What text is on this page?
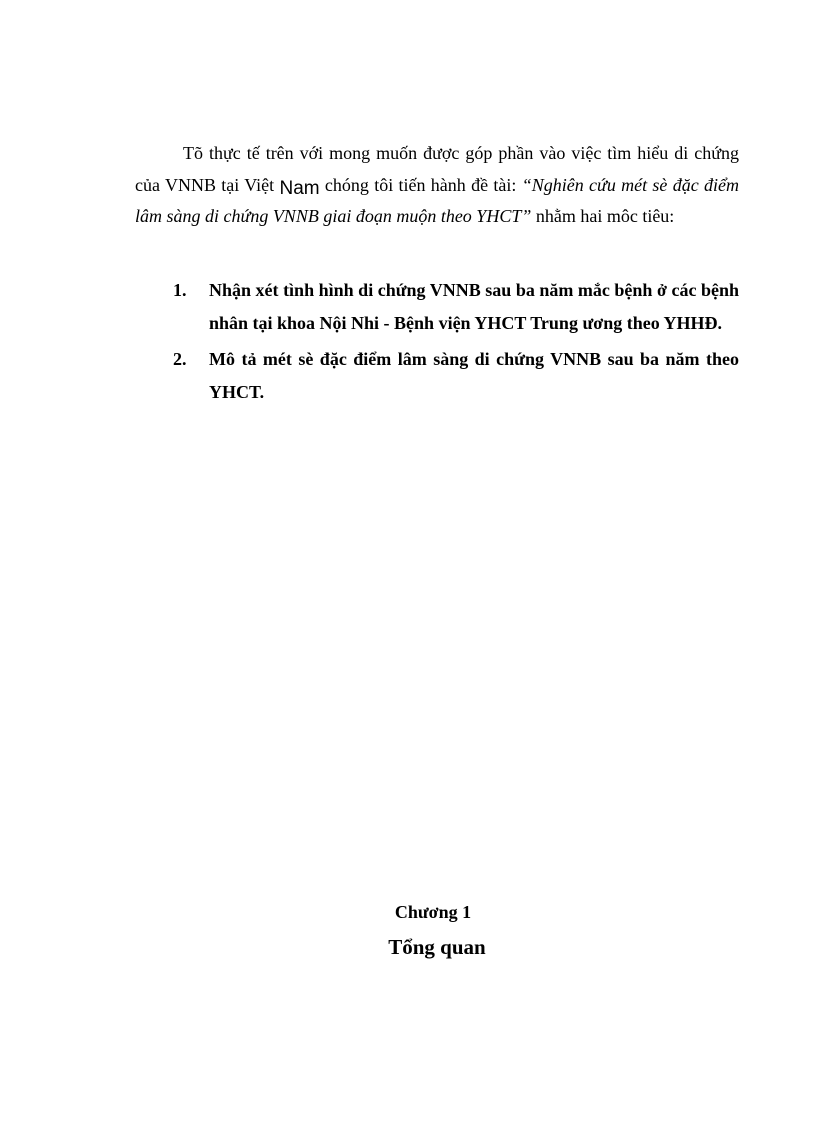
Tõ thực tế trên với mong muốn được góp phần vào việc tìm hiểu di chứng của VNNB tại Việt Nam chóng tôi tiến hành đề tài: “Nghiên cứu mét sè đặc điểm lâm sàng di chứng VNNB giai đoạn muộn theo YHCT” nhằm hai môc tiêu:

1. Nhận xét tình hình di chứng VNNB sau ba năm mắc bệnh ở các bệnh nhân tại khoa Nội Nhi - Bệnh viện YHCT Trung ương theo YHHĐ.
2. Mô tả mét sè đặc điểm lâm sàng di chứng VNNB sau ba năm theo YHCT.

Chương 1

Tổng quan
